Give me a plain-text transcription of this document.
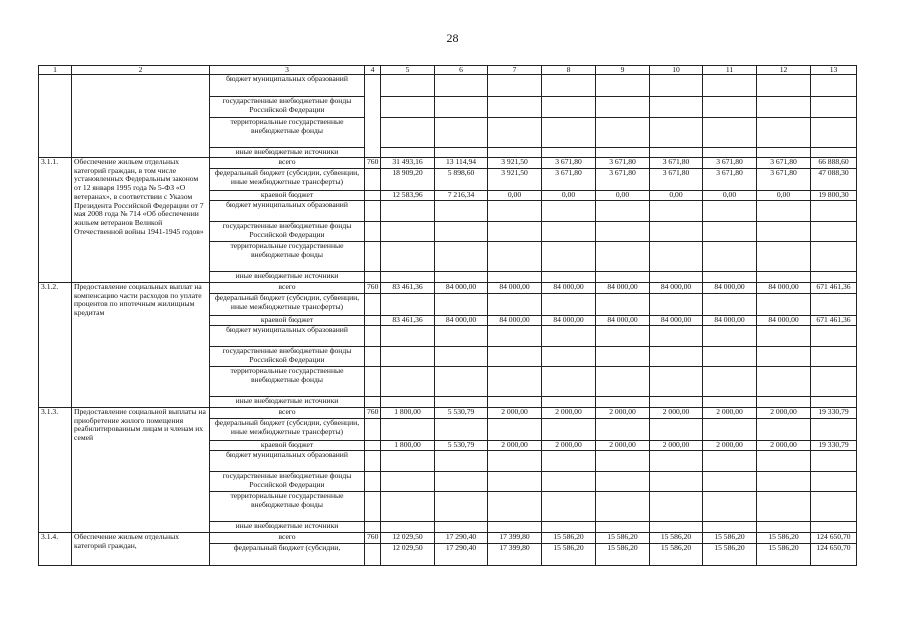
28
1	2	3	4	5	6	7	8	9	10	11	12	13
		бюджет муниципальных образований										
		государственные внебюджетные фонды Российской Федерации										
		территориальные государственные внебюджетные фонды										
		иные внебюджетные источники										
3.1.1.	Обеспечение жильем отдельных категорий граждан, в том числе установленных Федеральным законом от 12 января 1995 года № 5-ФЗ «О ветеранах», в соответствии с Указом Президента Российской Федерации от 7 мая 2008 года № 714 «Об обеспечении жильем ветеранов Великой Отечественной войны 1941-1945 годов»	всего	760	31 493,16	13 114,94	3 921,50	3 671,80	3 671,80	3 671,80	3 671,80	3 671,80	66 888,60
		федеральный бюджет (субсидии, субвенции, иные межбюджетные трансферты)		18 909,20	5 898,60	3 921,50	3 671,80	3 671,80	3 671,80	3 671,80	3 671,80	47 088,30
		краевой бюджет		12 583,96	7 216,34	0,00	0,00	0,00	0,00	0,00	0,00	19 800,30
		бюджет муниципальных образований										
		государственные внебюджетные фонды Российской Федерации										
		территориальные государственные внебюджетные фонды										
		иные внебюджетные источники										
3.1.2.	Предоставление социальных выплат на компенсацию части расходов по уплате процентов по ипотечным жилищным кредитам	всего	760	83 461,36	84 000,00	84 000,00	84 000,00	84 000,00	84 000,00	84 000,00	84 000,00	671 461,36
		федеральный бюджет (субсидии, субвенции, иные межбюджетные трансферты)										
		краевой бюджет		83 461,36	84 000,00	84 000,00	84 000,00	84 000,00	84 000,00	84 000,00	84 000,00	671 461,36
		бюджет муниципальных образований										
		государственные внебюджетные фонды Российской Федерации										
		территориальные государственные внебюджетные фонды										
		иные внебюджетные источники										
3.1.3.	Предоставление социальной выплаты на приобретение жилого помещения реабилитированным лицам и членам их семей	всего	760	1 800,00	5 530,79	2 000,00	2 000,00	2 000,00	2 000,00	2 000,00	2 000,00	19 330,79
		федеральный бюджет (субсидии, субвенции, иные межбюджетные трансферты)										
		краевой бюджет		1 800,00	5 530,79	2 000,00	2 000,00	2 000,00	2 000,00	2 000,00	2 000,00	19 330,79
		бюджет муниципальных образований										
		государственные внебюджетные фонды Российской Федерации										
		территориальные государственные внебюджетные фонды										
		иные внебюджетные источники										
3.1.4.	Обеспечение жильем отдельных категорий граждан,	всего	760	12 029,50	17 290,40	17 399,80	15 586,20	15 586,20	15 586,20	15 586,20	15 586,20	124 650,70
		федеральный бюджет (субсидии,		12 029,50	17 290,40	17 399,80	15 586,20	15 586,20	15 586,20	15 586,20	15 586,20	124 650,70
